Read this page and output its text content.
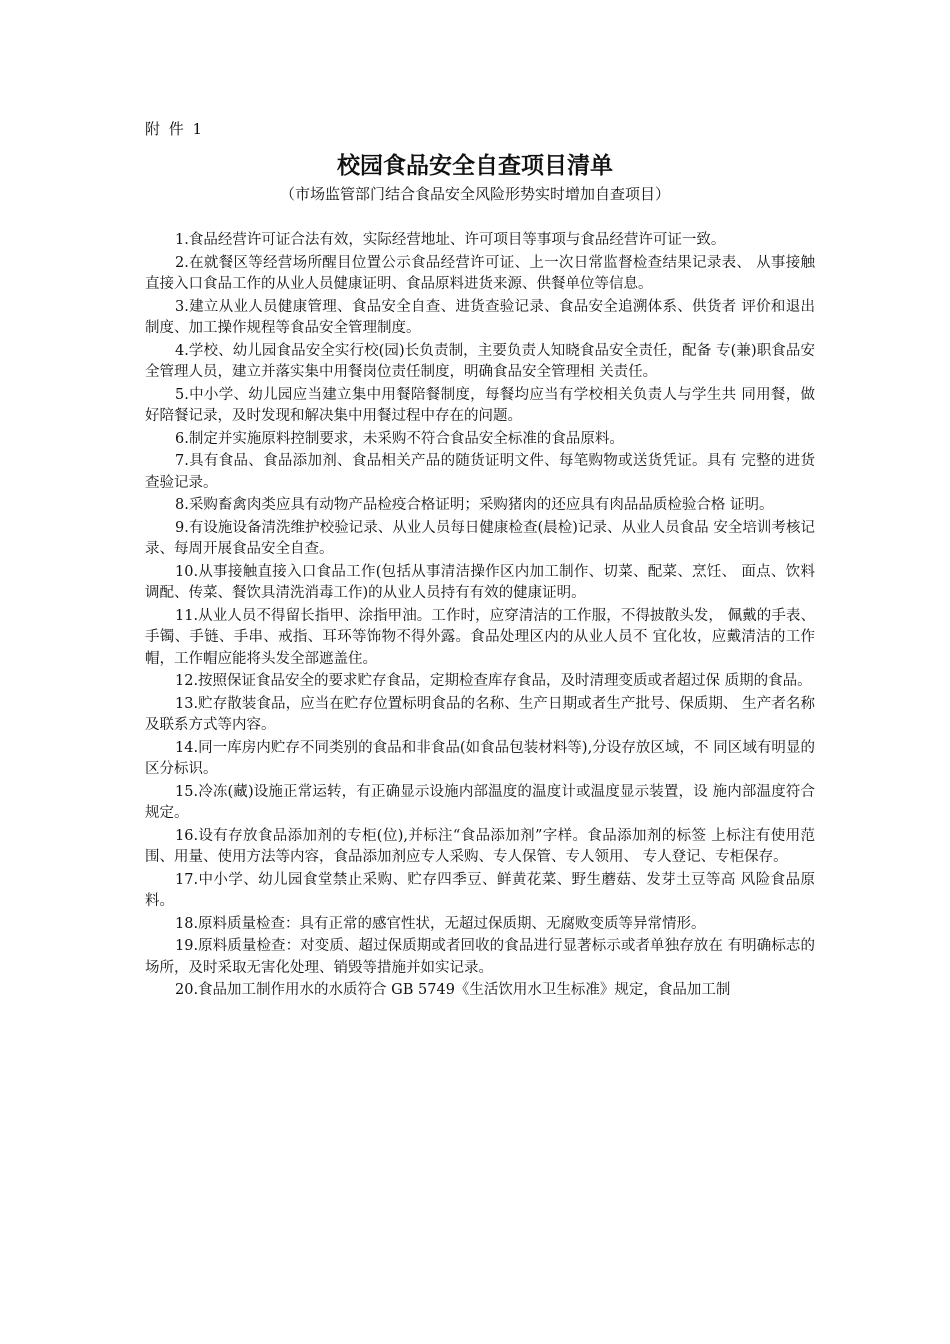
附 件 1
校园食品安全自查项目清单
（市场监管部门结合食品安全风险形势实时增加自查项目）

1.食品经营许可证合法有效，实际经营地址、许可项目等事项与食品经营许可证一致。

2.在就餐区等经营场所醒目位置公示食品经营许可证、上一次日常监督检查结果记录表、 从事接触直接入口食品工作的从业人员健康证明、食品原料进货来源、供餐单位等信息。

3.建立从业人员健康管理、食品安全自查、进货查验记录、食品安全追溯体系、供货者 评价和退出制度、加工操作规程等食品安全管理制度。

4.学校、幼儿园食品安全实行校(园)长负责制，主要负责人知晓食品安全责任，配备 专(兼)职食品安全管理人员，建立并落实集中用餐岗位责任制度，明确食品安全管理相 关责任。

5.中小学、幼儿园应当建立集中用餐陪餐制度，每餐均应当有学校相关负责人与学生共 同用餐，做好陪餐记录，及时发现和解决集中用餐过程中存在的问题。

6.制定并实施原料控制要求，未采购不符合食品安全标准的食品原料。

7.具有食品、食品添加剂、食品相关产品的随货证明文件、每笔购物或送货凭证。具有 完整的进货查验记录。

8.采购畜禽肉类应具有动物产品检疫合格证明；采购猪肉的还应具有肉品品质检验合格 证明。

9.有设施设备清洗维护校验记录、从业人员每日健康检查(晨检)记录、从业人员食品 安全培训考核记录、每周开展食品安全自查。

10.从事接触直接入口食品工作(包括从事清洁操作区内加工制作、切菜、配菜、烹饪、 面点、饮料调配、传菜、餐饮具清洗消毒工作)的从业人员持有有效的健康证明。

11.从业人员不得留长指甲、涂指甲油。工作时，应穿清洁的工作服，不得披散头发， 佩戴的手表、手镯、手链、手串、戒指、耳环等饰物不得外露。食品处理区内的从业人员不 宜化妆，应戴清洁的工作帽，工作帽应能将头发全部遮盖住。

12.按照保证食品安全的要求贮存食品，定期检查库存食品，及时清理变质或者超过保 质期的食品。

13.贮存散装食品，应当在贮存位置标明食品的名称、生产日期或者生产批号、保质期、 生产者名称及联系方式等内容。

14.同一库房内贮存不同类别的食品和非食品(如食品包装材料等),分设存放区域，不 同区域有明显的区分标识。

15.冷冻(藏)设施正常运转，有正确显示设施内部温度的温度计或温度显示装置，设 施内部温度符合规定。

16.设有存放食品添加剂的专柜(位),并标注“食品添加剂”字样。食品添加剂的标签 上标注有使用范围、用量、使用方法等内容，食品添加剂应专人采购、专人保管、专人领用、 专人登记、专柜保存。

17.中小学、幼儿园食堂禁止采购、贮存四季豆、鲜黄花菜、野生蘑菇、发芽土豆等高 风险食品原料。

18.原料质量检查：具有正常的感官性状，无超过保质期、无腐败变质等异常情形。

19.原料质量检查：对变质、超过保质期或者回收的食品进行显著标示或者单独存放在 有明确标志的场所，及时采取无害化处理、销毁等措施并如实记录。

20.食品加工制作用水的水质符合 GB 5749《生活饮用水卫生标准》规定，食品加工制
